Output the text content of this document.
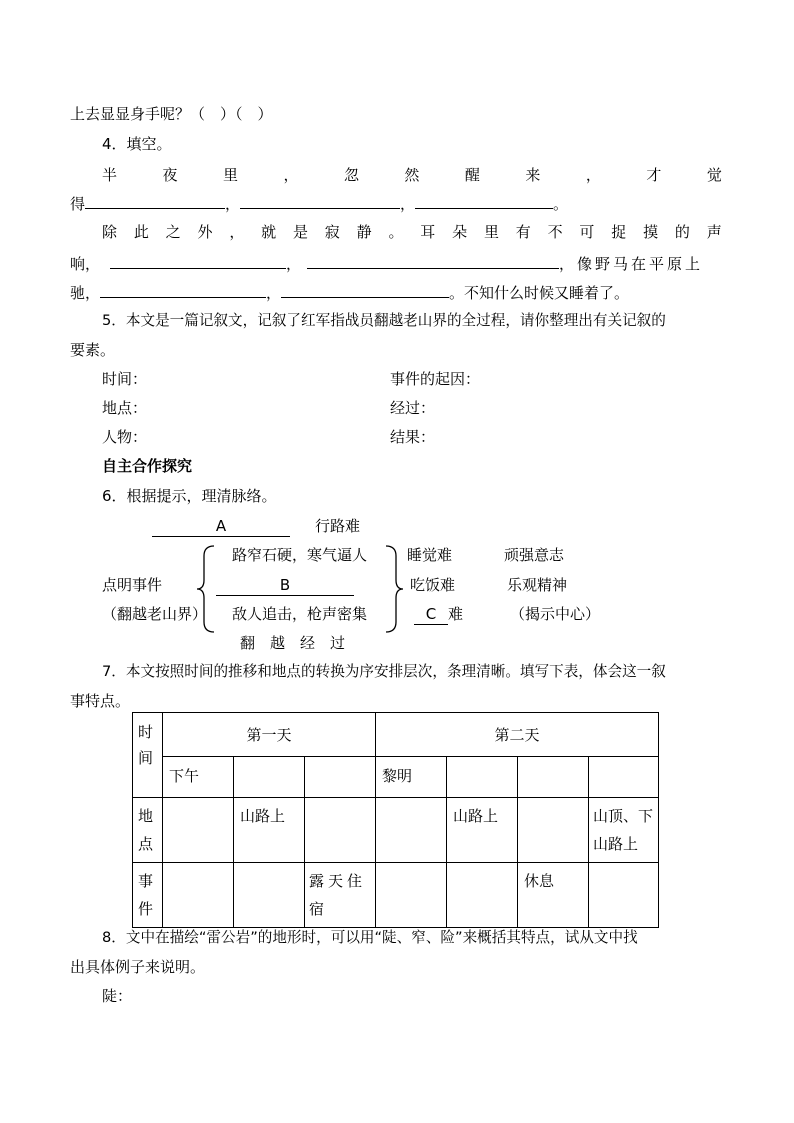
上去显显身手呢？（　）（　）
4．填空。
半	夜	里	，	忽	然	醒	来	，	才	觉
得	，	，	。
除 此 之 外 ， 就 是 寂 静 。 耳 朵 里 有 不 可 捉 摸 的 声
响，	，	，像野马在平原上
驰，	，	。不知什么时候又睡着了。
5．本文是一篇记叙文，记叙了红军指战员翻越老山界的全过程，请你整理出有关记叙的
要素。
时间：	事件的起因：
地点：	经过：
人物：	结果：
自主合作探究
6．根据提示，理清脉络。
A	行路难
路窄石硬，寒气逼人
B
敌人追击，枪声密集
点明事件
（翻越老山界）
睡觉难
吃饭难
C 难
顽强意志
乐观精神
（揭示中心）
翻　越　经　过
7．本文按照时间的推移和地点的转换为序安排层次，条理清晰。填写下表，体会这一叙
事特点。
时间	第一天			第二天			
	下午			黎明			
地点		山路上			山路上		山顶、下山路上
事件			露天住宿			休息	
8．文中在描绘“雷公岩”的地形时，可以用“陡、窄、险”来概括其特点，试从文中找
出具体例子来说明。
陡：
